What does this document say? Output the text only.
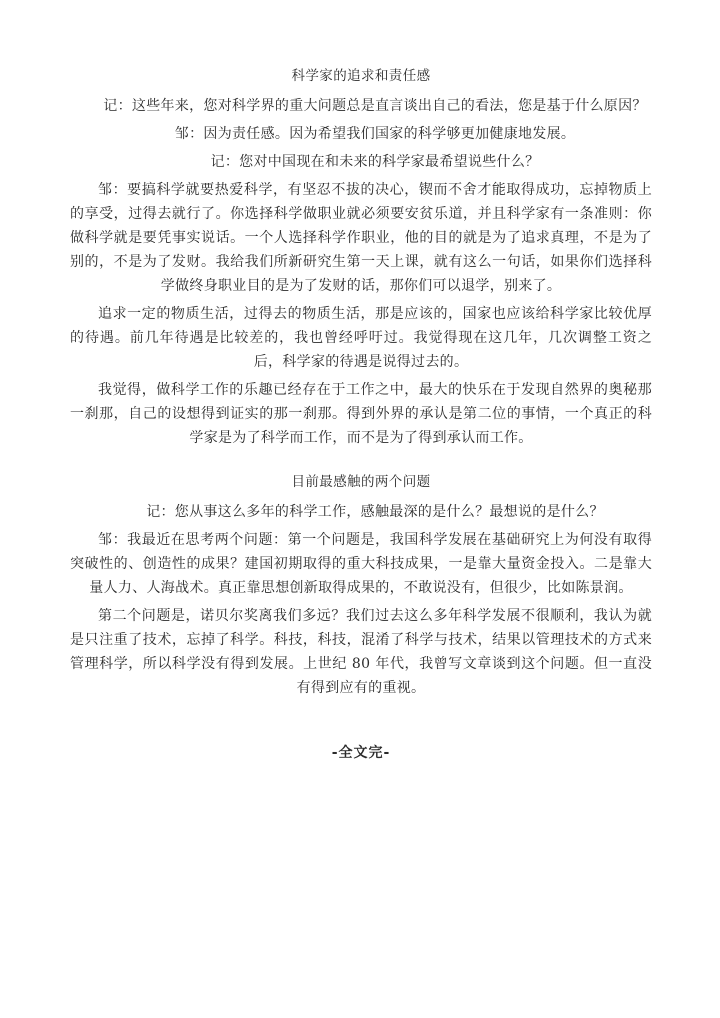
科学家的追求和责任感

记：这些年来，您对科学界的重大问题总是直言谈出自己的看法，您是基于什么原因？

邹：因为责任感。因为希望我们国家的科学够更加健康地发展。

记：您对中国现在和未来的科学家最希望说些什么？

邹：要搞科学就要热爱科学，有坚忍不拔的决心，锲而不舍才能取得成功，忘掉物质上的享受，过得去就行了。你选择科学做职业就必须要安贫乐道，并且科学家有一条准则：你做科学就是要凭事实说话。一个人选择科学作职业，他的目的就是为了追求真理，不是为了别的，不是为了发财。我给我们所新研究生第一天上课，就有这么一句话，如果你们选择科学做终身职业目的是为了发财的话，那你们可以退学，别来了。

追求一定的物质生活，过得去的物质生活，那是应该的，国家也应该给科学家比较优厚的待遇。前几年待遇是比较差的，我也曾经呼吁过。我觉得现在这几年，几次调整工资之后，科学家的待遇是说得过去的。

我觉得，做科学工作的乐趣已经存在于工作之中，最大的快乐在于发现自然界的奥秘那一刹那，自己的设想得到证实的那一刹那。得到外界的承认是第二位的事情，一个真正的科学家是为了科学而工作，而不是为了得到承认而工作。

目前最感触的两个问题

记：您从事这么多年的科学工作，感触最深的是什么？最想说的是什么？

邹：我最近在思考两个问题：第一个问题是，我国科学发展在基础研究上为何没有取得突破性的、创造性的成果？建国初期取得的重大科技成果，一是靠大量资金投入。二是靠大量人力、人海战术。真正靠思想创新取得成果的，不敢说没有，但很少，比如陈景润。

第二个问题是，诺贝尔奖离我们多远？我们过去这么多年科学发展不很顺利，我认为就是只注重了技术，忘掉了科学。科技，科技，混淆了科学与技术，结果以管理技术的方式来管理科学，所以科学没有得到发展。上世纪 80 年代，我曾写文章谈到这个问题。但一直没有得到应有的重视。

-全文完-
